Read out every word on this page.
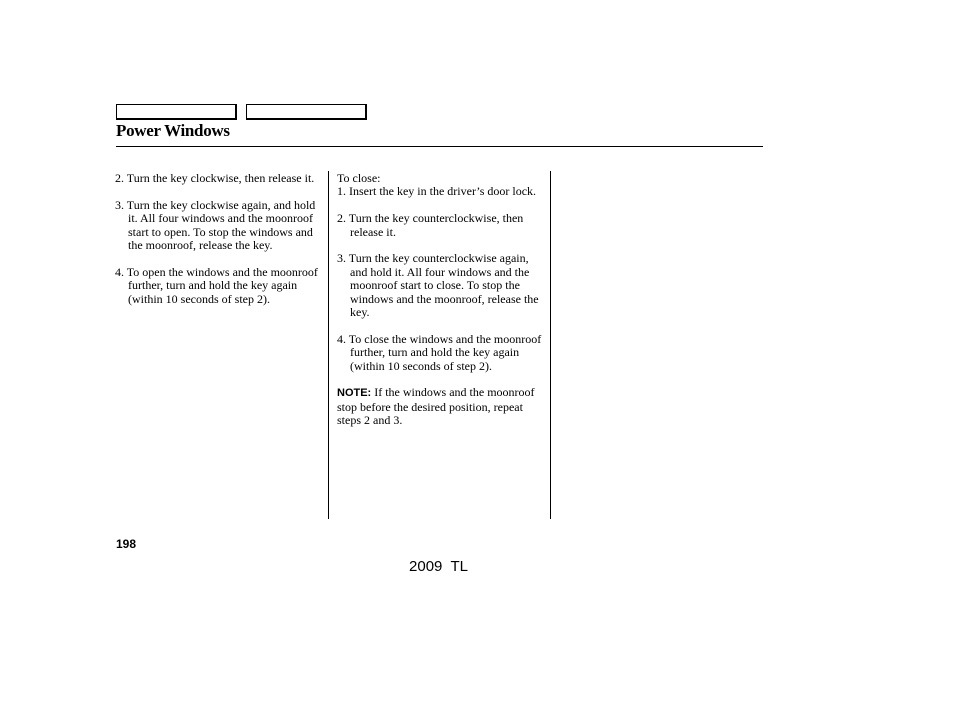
Power Windows

2. Turn the key clockwise, then release it.

3. Turn the key clockwise again, and hold it. All four windows and the moonroof start to open. To stop the windows and the moonroof, release the key.

4. To open the windows and the moonroof further, turn and hold the key again (within 10 seconds of step 2).

To close:

1. Insert the key in the driver’s door lock.

2. Turn the key counterclockwise, then release it.

3. Turn the key counterclockwise again, and hold it. All four windows and the moonroof start to close. To stop the windows and the moonroof, release the key.

4. To close the windows and the moonroof further, turn and hold the key again (within 10 seconds of step 2).

NOTE: If the windows and the moonroof stop before the desired position, repeat steps 2 and 3.

198
2009  TL
